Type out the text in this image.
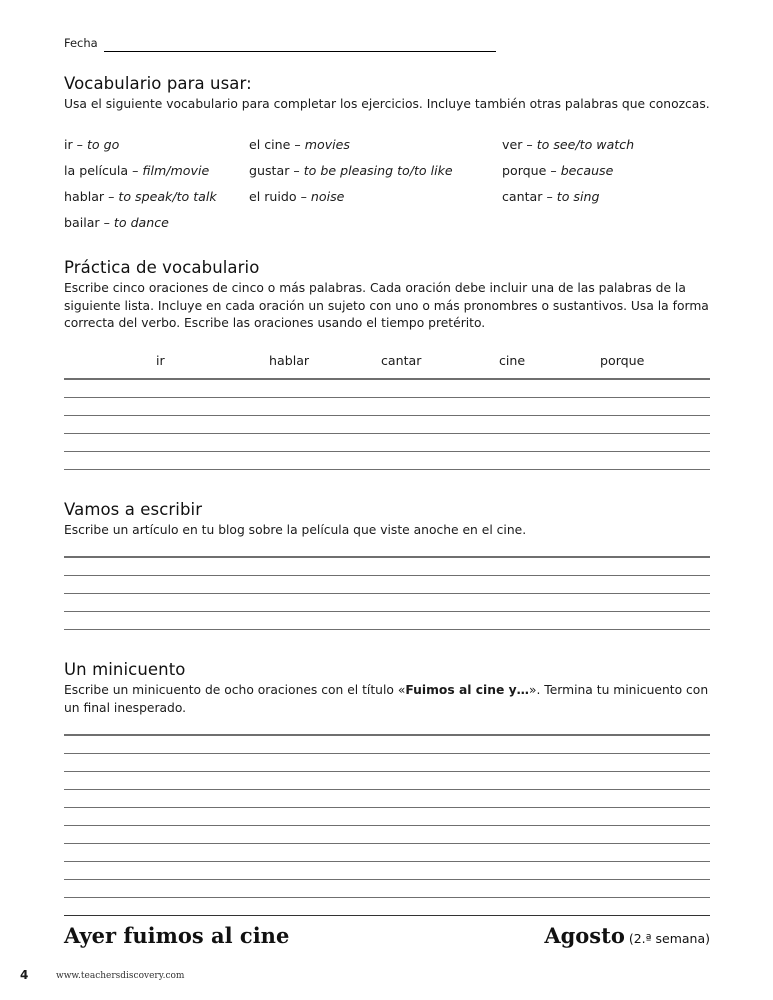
Fecha
Vocabulario para usar:

Usa el siguiente vocabulario para completar los ejercicios. Incluye también otras palabras que conozcas.

ir – to go	el cine – movies	ver – to see/to watch
la película – film/movie	gustar – to be pleasing to/to like	porque – because
hablar – to speak/to talk	el ruido – noise	cantar – to sing
bailar – to dance
Práctica de vocabulario

Escribe cinco oraciones de cinco o más palabras. Cada oración debe incluir una de las palabras de la siguiente lista. Incluye en cada oración un sujeto con uno o más pronombres o sustantivos. Usa la forma correcta del verbo. Escribe las oraciones usando el tiempo pretérito.

ir	hablar	cantar	cine	porque
Vamos a escribir

Escribe un artículo en tu blog sobre la película que viste anoche en el cine.

Un minicuento

Escribe un minicuento de ocho oraciones con el título «Fuimos al cine y…». Termina tu minicuento con un final inesperado.

Ayer fuimos al cine	Agosto (2.ª semana)
4	www.teachersdiscovery.com
